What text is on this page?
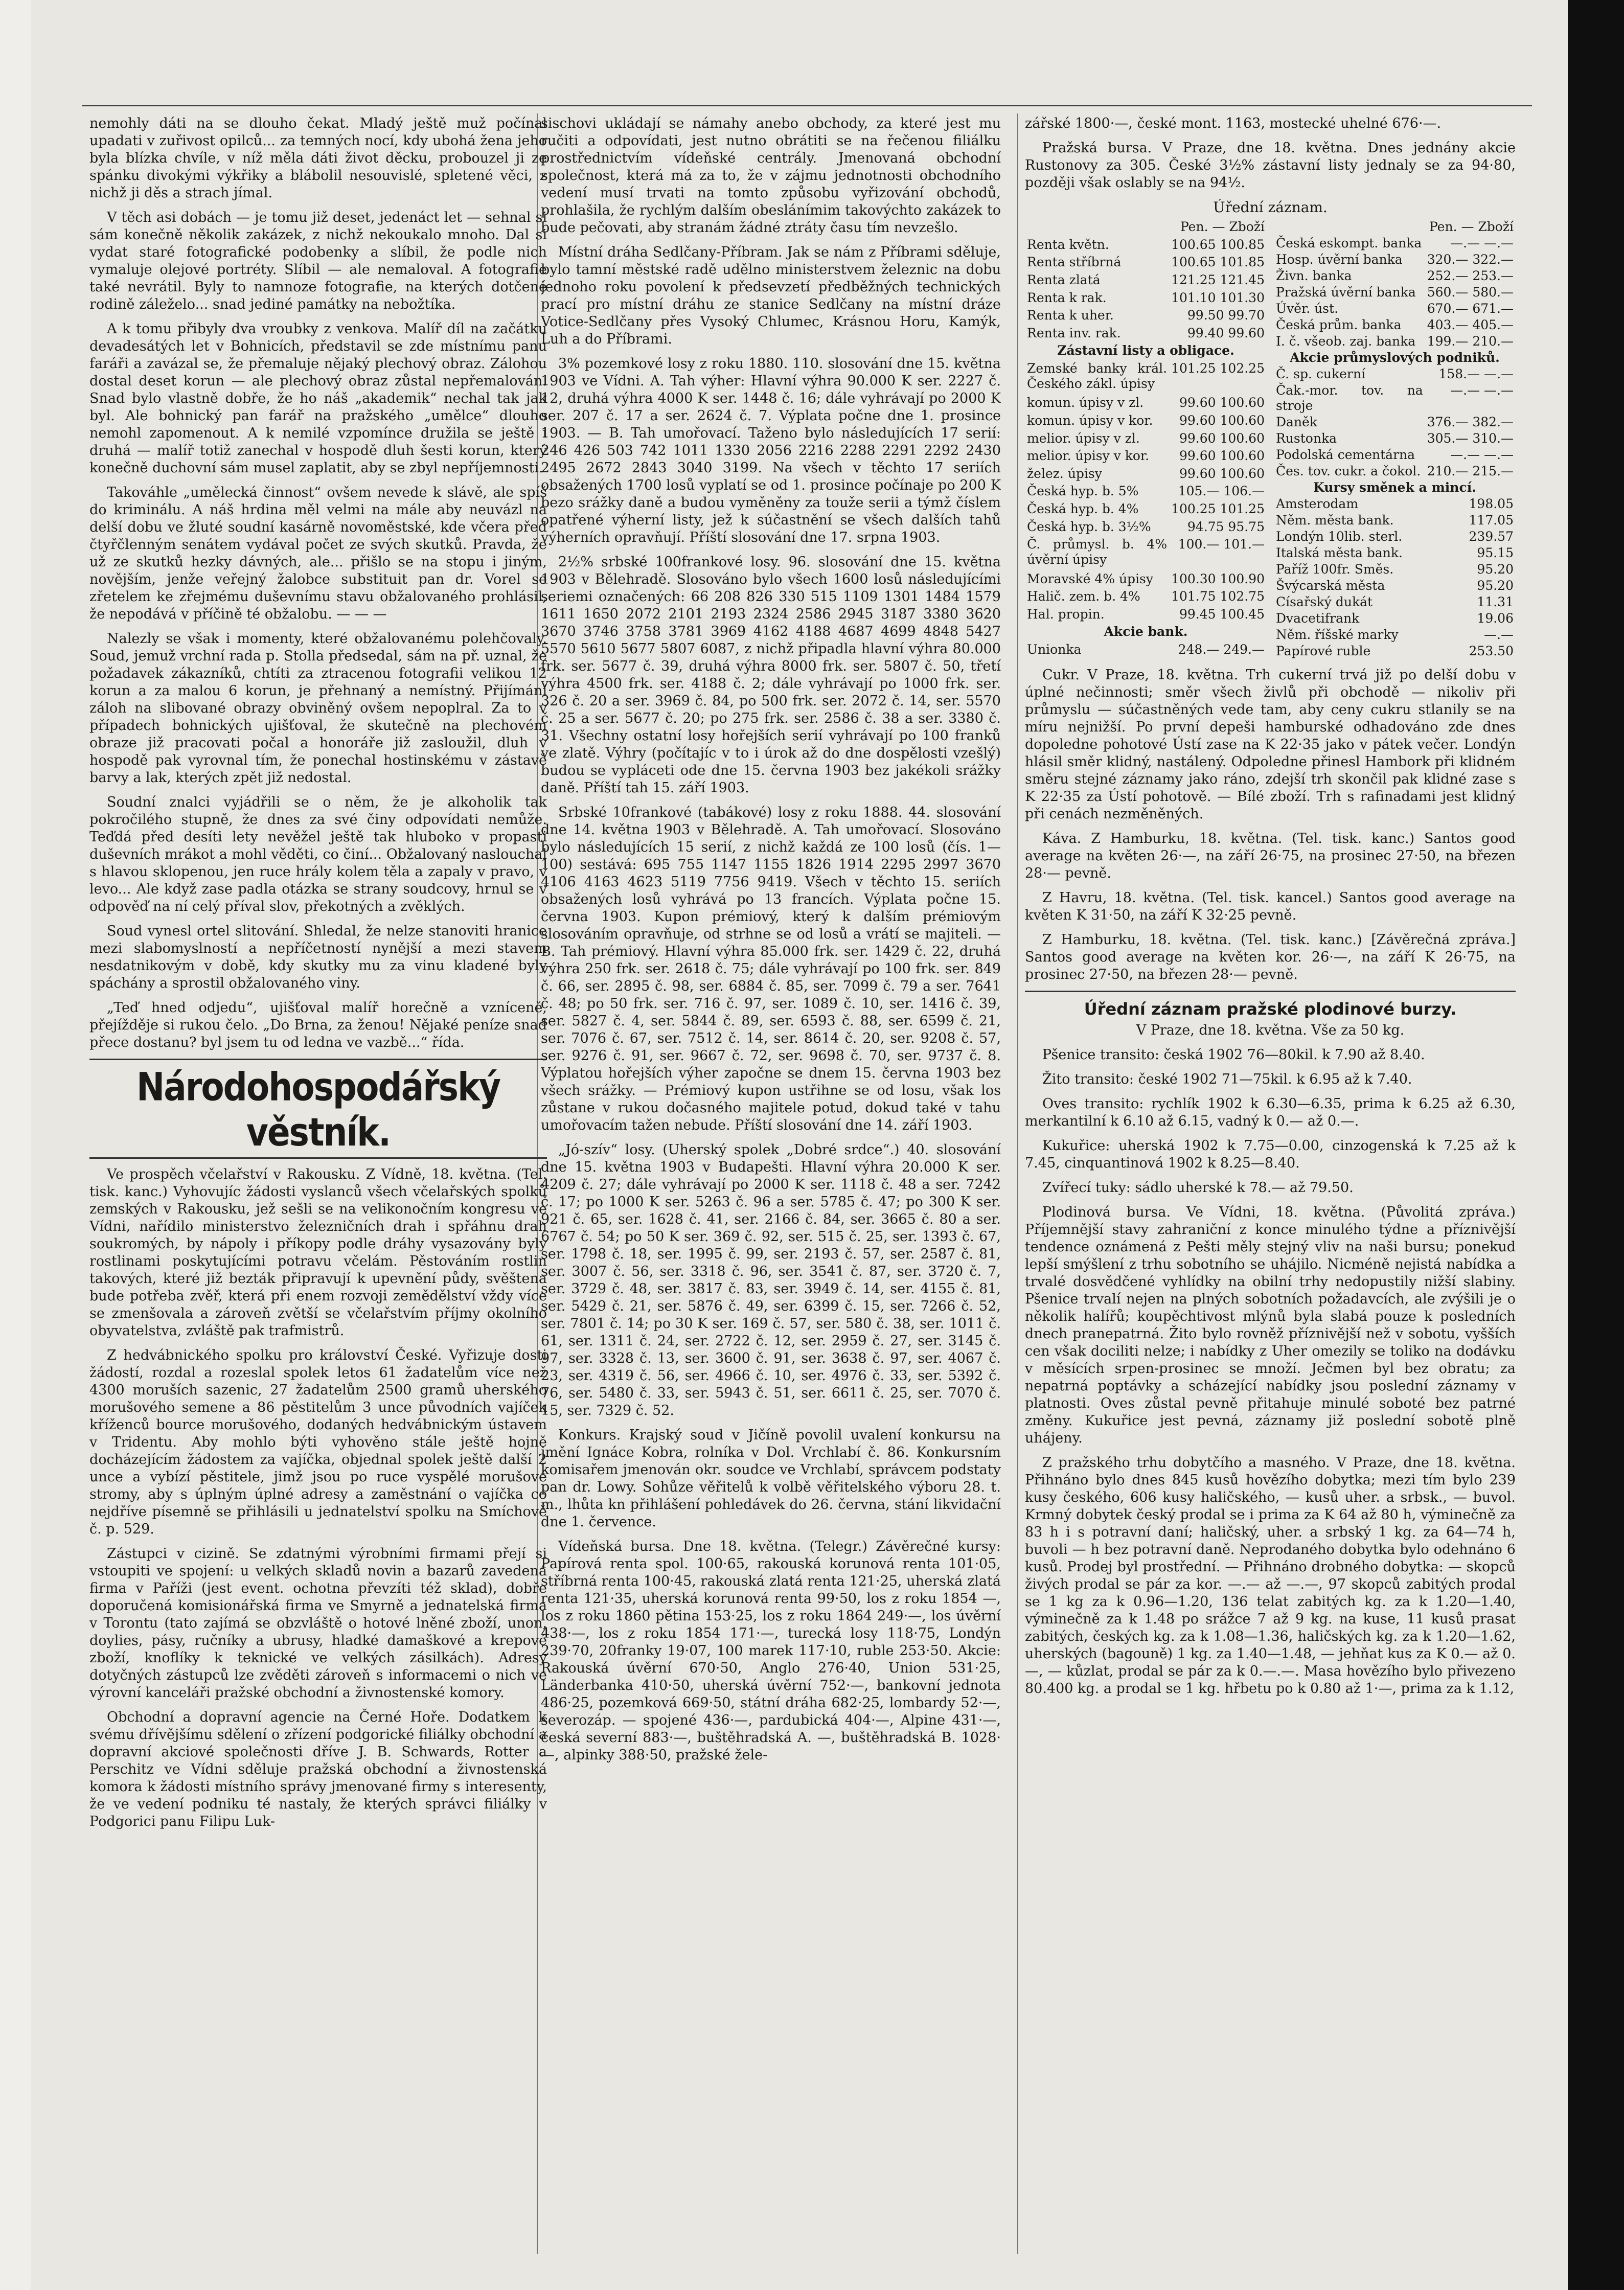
nemohly dáti na se dlouho čekat. Mladý ještě muž počínal upadati v zuřivost opilců... za temných nocí, kdy ubohá žena jeho byla blízka chvíle, v níž měla dáti život děcku, probouzel ji ze spánku divokými výkřiky a blábolil nesouvislé, spletené věci, z nichž ji děs a strach jímal.

V těch asi dobách — je tomu již deset, jedenáct let — sehnal si sám konečně několik zakázek, z nichž nekoukalo mnoho. Dal si vydat staré fotografické podobenky a slíbil, že podle nich vymaluje olejové portréty. Slíbil — ale nemaloval. A fotografie také nevrátil. Byly to namnoze fotografie, na kterých dotčené rodině záleželo... snad jediné památky na nebožtíka.

A k tomu přibyly dva vroubky z venkova. Malíř díl na začátku devadesátých let v Bohnicích, představil se zde místnímu panu faráři a zavázal se, že přemaluje nějaký plechový obraz. Zálohou dostal deset korun — ale plechový obraz zůstal nepřemalován. Snad bylo vlastně dobře, že ho náš „akademik“ nechal tak jak byl. Ale bohnický pan farář na pražského „umělce“ dlouho nemohl zapomenout. A k nemilé vzpomínce družila se ještě i druhá — malíř totiž zanechal v hospodě dluh šesti korun, který konečně duchovní sám musel zaplatit, aby se zbyl nepříjemnosti.

Takováhle „umělecká činnost“ ovšem nevede k slávě, ale spíš do kriminálu. A náš hrdina měl velmi na mále aby neuvázl na delší dobu ve žluté soudní kasárně novoměstské, kde včera před čtyřčlenným senátem vydával počet ze svých skutků. Pravda, že už ze skutků hezky dávných, ale... přišlo se na stopu i jiným, novějším, jenže veřejný žalobce substituit pan dr. Vorel se zřetelem ke zřejmému duševnímu stavu obžalovaného prohlásil, že nepodává v příčině té obžalobu. — — —

Nalezly se však i momenty, které obžalovanému polehčovaly. Soud, jemuž vrchní rada p. Stolla předsedal, sám na př. uznal, že požadavek zákazníků, chtíti za ztracenou fotografii velikou 12 korun a za malou 6 korun, je přehnaný a nemístný. Přijímání záloh na slibované obrazy obviněný ovšem nepoplral. Za to v případech bohnických ujišťoval, že skutečně na plechovém obraze již pracovati počal a honoráře již zasloužil, dluh v hospodě pak vyrovnal tím, že ponechal hostinskému v zástavě barvy a lak, kterých zpět již nedostal.

Soudní znalci vyjádřili se o něm, že je alkoholik tak pokročilého stupně, že dnes za své činy odpovídati nemůže. Teďdá před desíti lety nevěžel ještě tak hluboko v propasti duševních mrákot a mohl věděti, co činí... Obžalovaný naslouchal s hlavou sklopenou, jen ruce hrály kolem těla a zapaly v pravo, v levo... Ale když zase padla otázka se strany soudcovy, hrnul se v odpověď na ní celý příval slov, překotných a zvěklých.

Soud vynesl ortel slitování. Shledal, že nelze stanoviti hranice mezi slabomyslností a nepříčetností nynější a mezi stavem nesdatnikovým v době, kdy skutky mu za vinu kladené byly spáchány a sprostil obžalovaného viny.

„Teď hned odjedu“, ujišťoval malíř horečně a vzníceně, přejížděje si rukou čelo. „Do Brna, za ženou! Nějaké peníze snad přece dostanu? byl jsem tu od ledna ve vazbě...“ řída.

Národohospodářský věstník.

Ve prospěch včelařství v Rakousku. Z Vídně, 18. května. (Tel. tisk. kanc.) Vyhovujíc žádosti vyslanců všech včelařských spolků zemských v Rakousku, jež sešli se na velikonočním kongresu ve Vídni, nařídilo ministerstvo železničních drah i spřáhnu drah soukromých, by nápoly i příkopy podle dráhy vysazovány byly rostlinami poskytujícími potravu včelám. Pěstováním rostlin takových, které již bezták připravují k upevnění půdy, svěštena bude potřeba zvěř, která při enem rozvoji zemědělství vždy více se zmenšovala a zároveň zvětší se včelařstvím příjmy okolního obyvatelstva, zvláště pak trafmistrů.

Z hedvábnického spolku pro království České. Vyřizuje dosti žádostí, rozdal a rozeslal spolek letos 61 žadatelům více než 4300 moruších sazenic, 27 žadatelům 2500 gramů uherského morušového semene a 86 pěstitelům 3 unce původních vajíček kříženců bource morušového, dodaných hedvábnickým ústavem v Tridentu. Aby mohlo býti vyhověno stále ještě hojně docházejícím žádostem za vajíčka, objednal spolek ještě další 2 unce a vybízí pěstitele, jimž jsou po ruce vyspělé morušové stromy, aby s úplným úplné adresy a zaměstnání o vajíčka co nejdříve písemně se přihlásili u jednatelství spolku na Smíchově č. p. 529.

Zástupci v cizině. Se zdatnými výrobními firmami přejí si vstoupiti ve spojení: u velkých skladů novin a bazarů zavedená firma v Paříži (jest event. ochotna převzíti též sklad), dobře doporučená komisionářská firma ve Smyrně a jednatelská firma v Torontu (tato zajímá se obzvláště o hotové lněné zboží, unon, doylies, pásy, ručníky a ubrusy, hladké damaškové a krepové zboží, knoflíky k teknické ve velkých zásilkách). Adresy dotyčných zástupců lze zvěděti zároveň s informacemi o nich ve výrovní kanceláři pražské obchodní a živnostenské komory.

Obchodní a dopravní agencie na Černé Hoře. Dodatkem k svému dřívějšímu sdělení o zřízení podgorické filiálky obchodní a dopravní akciové společnosti dříve J. B. Schwards, Rotter a Perschitz ve Vídni sděluje pražská obchodní a živnostenská komora k žádosti místního správy jmenované firmy s interesenty, že ve vedení podniku té nastaly, že kterých správci filiálky v Podgorici panu Filipu Luk-

sischovi ukládají se námahy anebo obchody, za které jest mu ručiti a odpovídati, jest nutno obrátiti se na řečenou filiálku prostřednictvím vídeňské centrály. Jmenovaná obchodní společnost, která má za to, že v zájmu jednotnosti obchodního vedení musí trvati na tomto způsobu vyřizování obchodů, prohlašila, že rychlým dalším obeslánímim takovýchto zakázek to bude pečovati, aby stranám žádné ztráty času tím nevzešlo.

Místní dráha Sedlčany-Příbram. Jak se nám z Příbrami sděluje, bylo tamní městské radě udělno ministerstvem železnic na dobu jednoho roku povolení k předsevzetí předběžných technických prací pro místní dráhu ze stanice Sedlčany na místní dráze Votice-Sedlčany přes Vysoký Chlumec, Krásnou Horu, Kamýk, Luh a do Příbrami.

3% pozemkové losy z roku 1880. 110. slosování dne 15. května 1903 ve Vídni. A. Tah výher: Hlavní výhra 90.000 K ser. 2227 č. 12, druhá výhra 4000 K ser. 1448 č. 16; dále vyhrávají po 2000 K ser. 207 č. 17 a ser. 2624 č. 7. Výplata počne dne 1. prosince 1903. — B. Tah umořovací. Taženo bylo následujících 17 serií: 246 426 503 742 1011 1330 2056 2216 2288 2291 2292 2430 2495 2672 2843 3040 3199. Na všech v těchto 17 seriích obsažených 1700 losů vyplatí se od 1. prosince počínaje po 200 K bezo srážky daně a budou vyměněny za touže serii a týmž číslem opatřené výherní listy, jež k súčastnění se všech dalších tahů výherních opravňují. Příští slosování dne 17. srpna 1903.

2½% srbské 100frankové losy. 96. slosování dne 15. května 1903 v Bělehradě. Slosováno bylo všech 1600 losů následujícími seriemi označených: 66 208 826 330 515 1109 1301 1484 1579 1611 1650 2072 2101 2193 2324 2586 2945 3187 3380 3620 3670 3746 3758 3781 3969 4162 4188 4687 4699 4848 5427 5570 5610 5677 5807 6087, z nichž připadla hlavní výhra 80.000 frk. ser. 5677 č. 39, druhá výhra 8000 frk. ser. 5807 č. 50, třetí výhra 4500 frk. ser. 4188 č. 2; dále vyhrávají po 1000 frk. ser. 326 č. 20 a ser. 3969 č. 84, po 500 frk. ser. 2072 č. 14, ser. 5570 č. 25 a ser. 5677 č. 20; po 275 frk. ser. 2586 č. 38 a ser. 3380 č. 31. Všechny ostatní losy hořejších serií vyhrávají po 100 franků ve zlatě. Výhry (počítajíc v to i úrok až do dne dospělosti vzešlý) budou se vypláceti ode dne 15. června 1903 bez jakékoli srážky daně. Příští tah 15. září 1903.

Srbské 10frankové (tabákové) losy z roku 1888. 44. slosování dne 14. května 1903 v Bělehradě. A. Tah umořovací. Slosováno bylo následujících 15 serií, z nichž každá ze 100 losů (čís. 1—100) sestává: 695 755 1147 1155 1826 1914 2295 2997 3670 4106 4163 4623 5119 7756 9419. Všech v těchto 15. seriích obsažených losů vyhrává po 13 francích. Výplata počne 15. června 1903. Kupon prémiový, který k dalším prémiovým slosováním opravňuje, od strhne se od losů a vrátí se majiteli. — B. Tah prémiový. Hlavní výhra 85.000 frk. ser. 1429 č. 22, druhá výhra 250 frk. ser. 2618 č. 75; dále vyhrávají po 100 frk. ser. 849 č. 66, ser. 2895 č. 98, ser. 6884 č. 85, ser. 7099 č. 79 a ser. 7641 č. 48; po 50 frk. ser. 716 č. 97, ser. 1089 č. 10, ser. 1416 č. 39, ser. 5827 č. 4, ser. 5844 č. 89, ser. 6593 č. 88, ser. 6599 č. 21, ser. 7076 č. 67, ser. 7512 č. 14, ser. 8614 č. 20, ser. 9208 č. 57, ser. 9276 č. 91, ser. 9667 č. 72, ser. 9698 č. 70, ser. 9737 č. 8. Výplatou hořejších výher započne se dnem 15. června 1903 bez všech srážky. — Prémiový kupon ustřihne se od losu, však los zůstane v rukou dočasného majitele potud, dokud také v tahu umořovacím tažen nebude. Příští slosování dne 14. září 1903.

„Jó-szív“ losy. (Uherský spolek „Dobré srdce“.) 40. slosování dne 15. května 1903 v Budapešti. Hlavní výhra 20.000 K ser. 4209 č. 27; dále vyhrávají po 2000 K ser. 1118 č. 48 a ser. 7242 č. 17; po 1000 K ser. 5263 č. 96 a ser. 5785 č. 47; po 300 K ser. 921 č. 65, ser. 1628 č. 41, ser. 2166 č. 84, ser. 3665 č. 80 a ser. 6767 č. 54; po 50 K ser. 369 č. 92, ser. 515 č. 25, ser. 1393 č. 67, ser. 1798 č. 18, ser. 1995 č. 99, ser. 2193 č. 57, ser. 2587 č. 81, ser. 3007 č. 56, ser. 3318 č. 96, ser. 3541 č. 87, ser. 3720 č. 7, ser. 3729 č. 48, ser. 3817 č. 83, ser. 3949 č. 14, ser. 4155 č. 81, ser. 5429 č. 21, ser. 5876 č. 49, ser. 6399 č. 15, ser. 7266 č. 52, ser. 7801 č. 14; po 30 K ser. 169 č. 57, ser. 580 č. 38, ser. 1011 č. 61, ser. 1311 č. 24, ser. 2722 č. 12, ser. 2959 č. 27, ser. 3145 č. 97, ser. 3328 č. 13, ser. 3600 č. 91, ser. 3638 č. 97, ser. 4067 č. 23, ser. 4319 č. 56, ser. 4966 č. 10, ser. 4976 č. 33, ser. 5392 č. 76, ser. 5480 č. 33, ser. 5943 č. 51, ser. 6611 č. 25, ser. 7070 č. 15, ser. 7329 č. 52.

Konkurs. Krajský soud v Jičíně povolil uvalení konkursu na jmění Ignáce Kobra, rolníka v Dol. Vrchlabí č. 86. Konkursním komisařem jmenován okr. soudce ve Vrchlabí, správcem podstaty pan dr. Lowy. Sohůze věřitelů k volbě věřitelského výboru 28. t. m., lhůta kn přihlášení pohledávek do 26. června, stání likvidační dne 1. července.

Vídeňská bursa. Dne 18. května. (Telegr.) Závěrečné kursy: Papírová renta spol. 100·65, rakouská korunová renta 101·05, stříbrná renta 100·45, rakouská zlatá renta 121·25, uherská zlatá renta 121·35, uherská korunová renta 99·50, los z roku 1854 —, los z roku 1860 pětina 153·25, los z roku 1864 249·—, los úvěrní 438·—, los z roku 1854 171·—, turecká losy 118·75, Londýn 239·70, 20franky 19·07, 100 marek 117·10, ruble 253·50. Akcie: Rakouská úvěrní 670·50, Anglo 276·40, Union 531·25, Länderbanka 410·50, uherská úvěrní 752·—, bankovní jednota 486·25, pozemková 669·50, státní dráha 682·25, lombardy 52·—, severozáp. — spojené 436·—, pardubická 404·—, Alpine 431·—, česká severní 883·—, buštěhradská A. —, buštěhradská B. 1028·—, alpinky 388·50, pražské žele-

zářské 1800·—, české mont. 1163, mostecké uhelné 676·—.

Pražská bursa. V Praze, dne 18. května. Dnes jednány akcie Rustonovy za 305. České 3½% zástavní listy jednaly se za 94·80, později však oslably se na 94½.

Úřední záznam.
	Pen. — Zboží
Renta květn.	100.65 100.85
Renta stříbrná	100.65 101.85
Renta zlatá	121.25 121.45
Renta k rak.	101.10 101.30
Renta k uher.	99.50 99.70
Renta inv. rak.	99.40 99.60
Zástavní listy a obligace.	
Zemské banky král. Českého zákl. úpisy	101.25 102.25
komun. úpisy v zl.	99.60 100.60
komun. úpisy v kor.	99.60 100.60
melior. úpisy v zl.	99.60 100.60
melior. úpisy v kor.	99.60 100.60
želez. úpisy	99.60 100.60
Česká hyp. b. 5%	105.— 106.—
Česká hyp. b. 4%	100.25 101.25
Česká hyp. b. 3½%	94.75 95.75
Č. průmysl. b. 4% úvěrní úpisy	100.— 101.—
Moravské 4% úpisy	100.30 100.90
Halič. zem. b. 4%	101.75 102.75
Hal. propin.	99.45 100.45
Akcie bank.	
Unionka	248.— 249.—
	Pen. — Zboží
Česká eskompt. banka	—.— —.—
Hosp. úvěrní banka	320.— 322.—
Živn. banka	252.— 253.—
Pražská úvěrní banka	560.— 580.—
Úvěr. úst.	670.— 671.—
Česká prům. banka	403.— 405.—
I. č. všeob. zaj. banka	199.— 210.—
Akcie průmyslových podniků.	
Č. sp. cukerní	158.— —.—
Čak.-mor. tov. na stroje	—.— —.—
Daněk	376.— 382.—
Rustonka	305.— 310.—
Podolská cementárna	—.— —.—
Čes. tov. cukr. a čokol.	210.— 215.—
Kursy směnek a mincí.	
Amsterodam	198.05
Něm. města bank.	117.05
Londýn 10lib. sterl.	239.57
Italská města bank.	95.15
Paříž 100fr. Směs.	95.20
Švýcarská města	95.20
Císařský dukát	11.31
Dvacetifrank	19.06
Něm. říšské marky	—.—
Papírové ruble	253.50

Cukr. V Praze, 18. května. Trh cukerní trvá již po delší dobu v úplné nečinnosti; směr všech živlů při obchodě — nikoliv při průmyslu — súčastněných vede tam, aby ceny cukru stlanily se na míru nejnižší. Po první depeši hamburské odhadováno zde dnes dopoledne pohotové Ústí zase na K 22·35 jako v pátek večer. Londýn hlásil směr klidný, nastálený. Odpoledne přinesl Hambork při klidném směru stejné záznamy jako ráno, zdejší trh skončil pak klidné zase s K 22·35 za Ústí pohotově. — Bílé zboží. Trh s rafinadami jest klidný při cenách nezměněných.

Káva. Z Hamburku, 18. května. (Tel. tisk. kanc.) Santos good average na květen 26·—, na září 26·75, na prosinec 27·50, na březen 28·— pevně.

Z Havru, 18. května. (Tel. tisk. kancel.) Santos good average na květen K 31·50, na září K 32·25 pevně.

Z Hamburku, 18. května. (Tel. tisk. kanc.) [Závěrečná zpráva.] Santos good average na květen kor. 26·—, na září K 26·75, na prosinec 27·50, na březen 28·— pevně.

Úřední záznam pražské plodinové burzy.

V Praze, dne 18. května. Vše za 50 kg.

Pšenice transito: česká 1902 76—80kil. k 7.90 až 8.40.

Žito transito: české 1902 71—75kil. k 6.95 až k 7.40.

Oves transito: rychlík 1902 k 6.30—6.35, prima k 6.25 až 6.30, merkantilní k 6.10 až 6.15, vadný k 0.— až 0.—.

Kukuřice: uherská 1902 k 7.75—0.00, cinzogenská k 7.25 až k 7.45, cinquantinová 1902 k 8.25—8.40.

Zvířecí tuky: sádlo uherské k 78.— až 79.50.

Plodinová bursa. Ve Vídni, 18. května. (Půvolitá zpráva.) Příjemnější stavy zahraniční z konce minulého týdne a příznivější tendence oznámená z Pešti měly stejný vliv na naši bursu; ponekud lepší smýšlení z trhu sobotního se uhájilo. Nicméně nejistá nabídka a trvalé dosvědčené vyhlídky na obilní trhy nedopustily nižší slabiny. Pšenice trvalí nejen na plných sobotních požadavcích, ale zvýšili je o několik halířů; koupěchtivost mlýnů byla slabá pouze k posledních dnech pranepatrná. Žito bylo rovněž příznivější než v sobotu, vyšších cen však dociliti nelze; i nabídky z Uher omezily se toliko na dodávku v měsících srpen-prosinec se množí. Ječmen byl bez obratu; za nepatrná poptávky a scházející nabídky jsou poslední záznamy v platnosti. Oves zůstal pevně přitahuje minulé soboté bez patrné změny. Kukuřice jest pevná, záznamy již poslední sobotě plně uhájeny.

Z pražského trhu dobytčího a masného. V Praze, dne 18. května. Přihnáno bylo dnes 845 kusů hovězího dobytka; mezi tím bylo 239 kusy českého, 606 kusy haličského, — kusů uher. a srbsk., — buvol. Krmný dobytek český prodal se i prima za K 64 až 80 h, výminečně za 83 h i s potravní daní; haličský, uher. a srbský 1 kg. za 64—74 h, buvoli — h bez potravní daně. Neprodaného dobytka bylo odehnáno 6 kusů. Prodej byl prostřední. — Přihnáno drobného dobytka: — skopců živých prodal se pár za kor. —.— až —.—, 97 skopců zabitých prodal se 1 kg za k 0.96—1.20, 136 telat zabitých kg. za k 1.20—1.40, výminečně za k 1.48 po srážce 7 až 9 kg. na kuse, 11 kusů prasat zabitých, českých kg. za k 1.08—1.36, haličských kg. za k 1.20—1.62, uherských (bagouně) 1 kg. za 1.40—1.48, — jehňat kus za K 0.— až 0.—, — kůzlat, prodal se pár za k 0.—.—. Masa hovězího bylo přivezeno 80.400 kg. a prodal se 1 kg. hřbetu po k 0.80 až 1·—, prima za k 1.12,
